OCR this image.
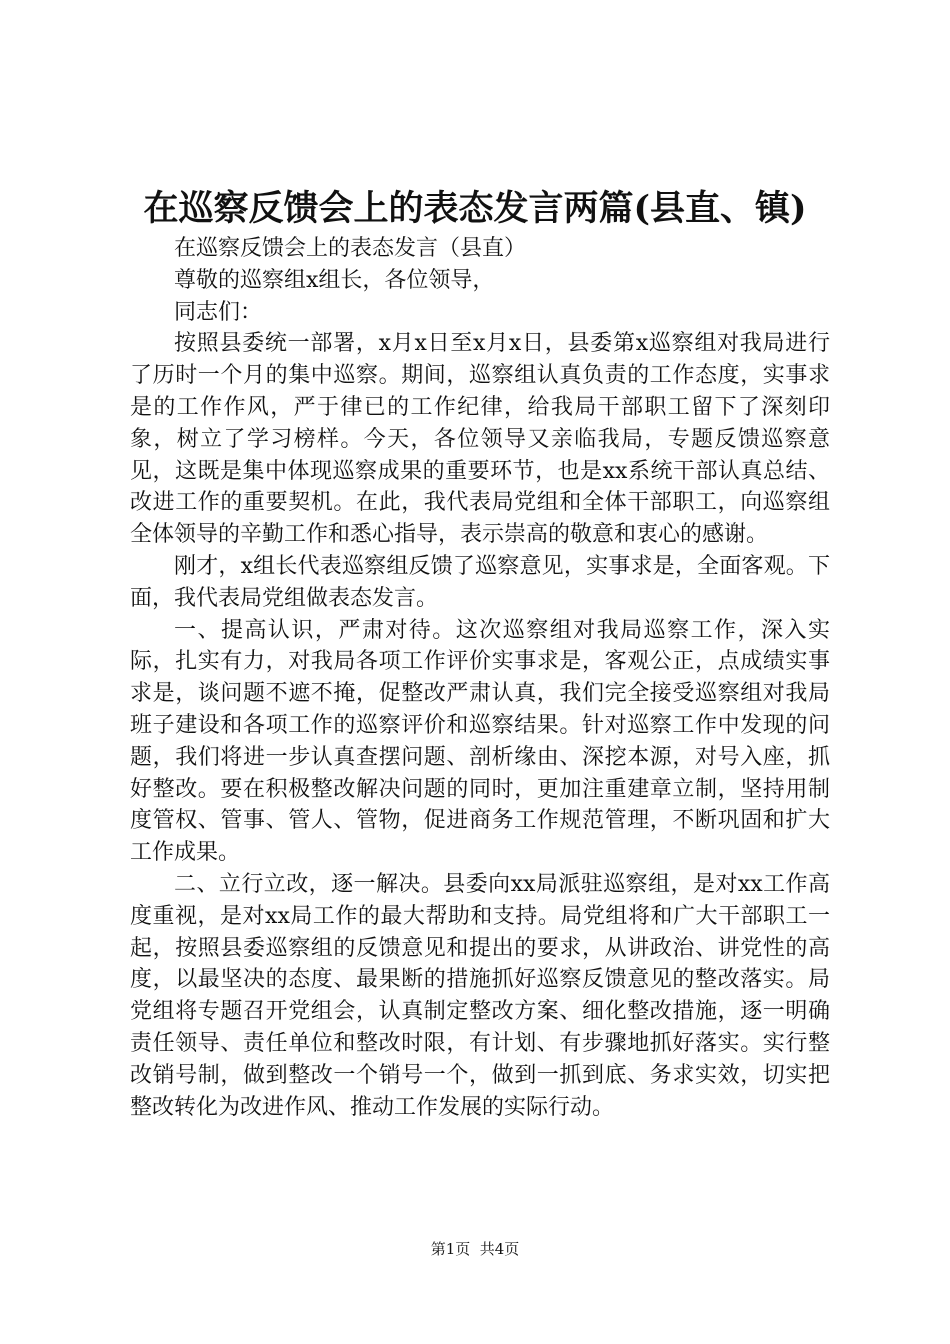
在巡察反馈会上的表态发言两篇(县直、镇)

在巡察反馈会上的表态发言（县直）

尊敬的巡察组x组长，各位领导，

同志们：

按照县委统一部署，x月x日至x月x日，县委第x巡察组对我局进行了历时一个月的集中巡察。期间，巡察组认真负责的工作态度，实事求是的工作作风，严于律已的工作纪律，给我局干部职工留下了深刻印象，树立了学习榜样。今天，各位领导又亲临我局，专题反馈巡察意见，这既是集中体现巡察成果的重要环节，也是xx系统干部认真总结、改进工作的重要契机。在此，我代表局党组和全体干部职工，向巡察组全体领导的辛勤工作和悉心指导，表示崇高的敬意和衷心的感谢。

刚才，x组长代表巡察组反馈了巡察意见，实事求是，全面客观。下面，我代表局党组做表态发言。

一、提高认识，严肃对待。这次巡察组对我局巡察工作，深入实际，扎实有力，对我局各项工作评价实事求是，客观公正，点成绩实事求是，谈问题不遮不掩，促整改严肃认真，我们完全接受巡察组对我局班子建设和各项工作的巡察评价和巡察结果。针对巡察工作中发现的问题，我们将进一步认真查摆问题、剖析缘由、深挖本源，对号入座，抓好整改。要在积极整改解决问题的同时，更加注重建章立制，坚持用制度管权、管事、管人、管物，促进商务工作规范管理，不断巩固和扩大工作成果。

二、立行立改，逐一解决。县委向xx局派驻巡察组，是对xx工作高度重视，是对xx局工作的最大帮助和支持。局党组将和广大干部职工一起，按照县委巡察组的反馈意见和提出的要求，从讲政治、讲党性的高度，以最坚决的态度、最果断的措施抓好巡察反馈意见的整改落实。局党组将专题召开党组会，认真制定整改方案、细化整改措施，逐一明确责任领导、责任单位和整改时限，有计划、有步骤地抓好落实。实行整改销号制，做到整改一个销号一个，做到一抓到底、务求实效，切实把整改转化为改进作风、推动工作发展的实际行动。

第1页  共4页
